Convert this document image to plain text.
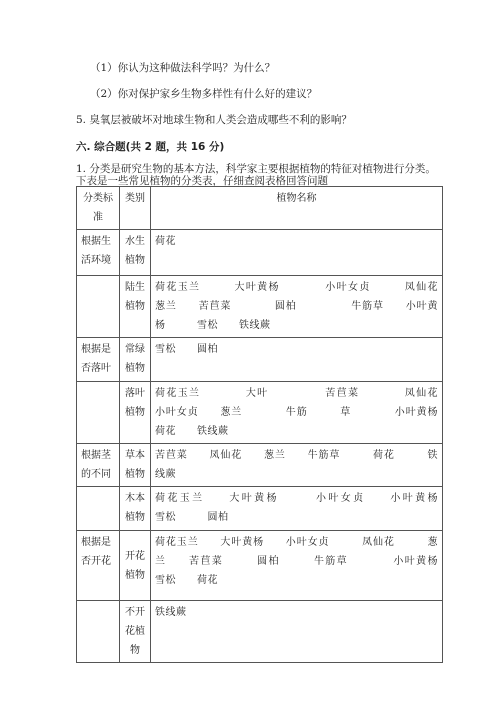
（1）你认为这种做法科学吗？为什么？
（2）你对保护家乡生物多样性有什么好的建议？
5. 臭氧层被破坏对地球生物和人类会造成哪些不利的影响？
六. 综合题(共 2 题，共 16 分)
1. 分类是研究生物的基本方法，科学家主要根据植物的特征对植物进行分类。
下表是一些常见植物的分类表，仔细查阅表格回答问题
分类标准	类别	植物名称
根据生活环境	水生植物	荷花
	陆生植物	荷花玉兰　　　大叶黄杨　　　　小叶女贞　　　凤仙花　　　葱兰　　苦苣菜　　　　圆柏　　　　　牛筋草　　小叶黄杨　　　雪松　　铁线蕨
根据是否落叶	常绿植物	雪松　　圆柏
	落叶植物	荷花玉兰　　　　大叶　　　　　苦苣菜　　　　凤仙花　　小叶女贞　　葱兰　　　　牛筋　　　草　　　　小叶黄杨　　荷花　　铁线蕨
根据茎的不同	草本植物	苦苣菜　　凤仙花　　葱兰　　牛筋草　　　荷花　　　铁线蕨
	木本植物	荷花玉兰　　大叶黄杨　　　小叶女贞　　小叶黄杨　　　雪松　　　圆柏
根据是否开花	开花植物	荷花玉兰　　大叶黄杨　　小叶女贞　　　凤仙花　　　葱兰　　苦苣菜　　　圆柏　　　牛筋草　　　　小叶黄杨　　雪松　　荷花
	不开花植物	铁线蕨
